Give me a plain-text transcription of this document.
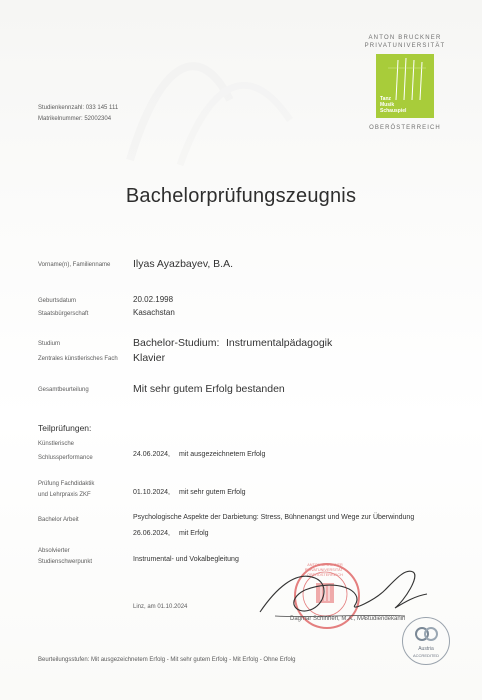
ANTON BRUCKNER
PRIVATUNIVERSITÄT
Tanz
Musik
Schauspiel
OBERÖSTERREICH
Studienkennzahl: 033 145 111
Matrikelnummer: 52002304
Bachelorprüfungszeugnis
Vorname(n), Familienname Ilyas Ayazbayev, B.A.
Geburtsdatum	20.02.1998
Staatsbürgerschaft	Kasachstan
Studium	Bachelor-Studium: Instrumentalpädagogik
Zentrales künstlerisches Fach Klavier
Gesamtbeurteilung	Mit sehr gutem Erfolg bestanden
Teilprüfungen:
Künstlerische
Schlussperformance	24.06.2024, mit ausgezeichnetem Erfolg
Prüfung Fachdidaktik
und Lehrpraxis ZKF	01.10.2024, mit sehr gutem Erfolg
Bachelor Arbeit	Psychologische Aspekte der Darbietung: Stress, Bühnenangst und Wege zur Überwindung
26.06.2024, mit Erfolg
Absolvierter
Studienschwerpunkt	Instrumental- und Vokalbegleitung
ANTON BRUCKNER PRIVATUNIVERSITÄT · OBERÖSTERREICH
Linz, am 01.10.2024
Dagmar Schinnerl, M.A., MA
Studiendekanin
Austria
ACCREDITED
Beurteilungsstufen: Mit ausgezeichnetem Erfolg - Mit sehr gutem Erfolg - Mit Erfolg - Ohne Erfolg
